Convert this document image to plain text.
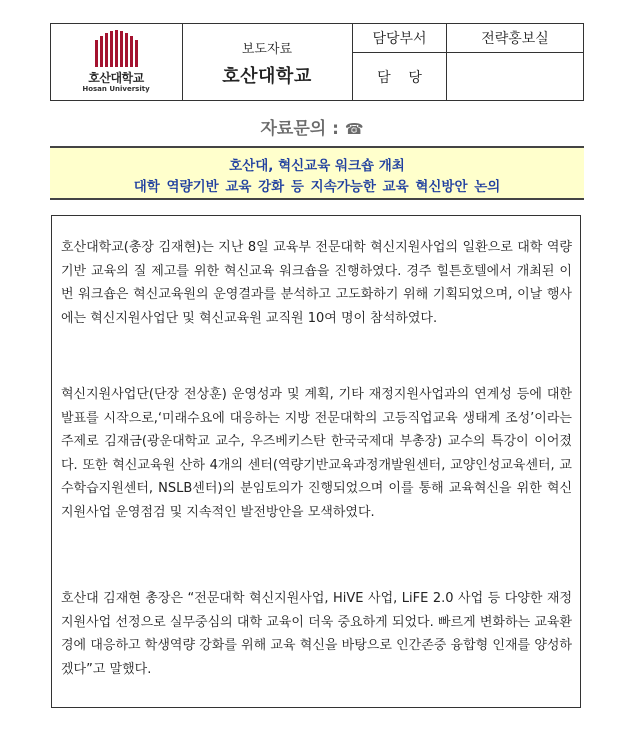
호산대학교
Hosan University
보도자료
호산대학교
담당부서	전략홍보실
담    당
자료문의 : ☎
호산대, 혁신교육 워크숍 개최
대학 역량기반 교육 강화 등 지속가능한 교육 혁신방안 논의

호산대학교(총장 김재현)는 지난 8일 교육부 전문대학 혁신지원사업의 일환으로 대학 역량기반 교육의 질 제고를 위한 혁신교육 워크숍을 진행하였다. 경주 힐튼호텔에서 개최된 이번 워크숍은 혁신교육원의 운영결과를 분석하고 고도화하기 위해 기획되었으며, 이날 행사에는 혁신지원사업단 및 혁신교육원 교직원 10여 명이 참석하였다.

혁신지원사업단(단장 전상훈) 운영성과 및 계획, 기타 재정지원사업과의 연계성 등에 대한 발표를 시작으로,‘미래수요에 대응하는 지방 전문대학의 고등직업교육 생태계 조성’이라는 주제로 김재금(광운대학교 교수, 우즈베키스탄 한국국제대 부총장) 교수의 특강이 이어졌다. 또한 혁신교육원 산하 4개의 센터(역량기반교육과정개발원센터, 교양인성교육센터, 교수학습지원센터, NSLB센터)의 분임토의가 진행되었으며 이를 통해 교육혁신을 위한 혁신지원사업 운영점검 및 지속적인 발전방안을 모색하였다.

호산대 김재현 총장은 “전문대학 혁신지원사업, HiVE 사업, LiFE 2.0 사업 등 다양한 재정지원사업 선정으로 실무중심의 대학 교육이 더욱 중요하게 되었다. 빠르게 변화하는 교육환경에 대응하고 학생역량 강화를 위해 교육 혁신을 바탕으로 인간존중 융합형 인재를 양성하겠다”고 말했다.
